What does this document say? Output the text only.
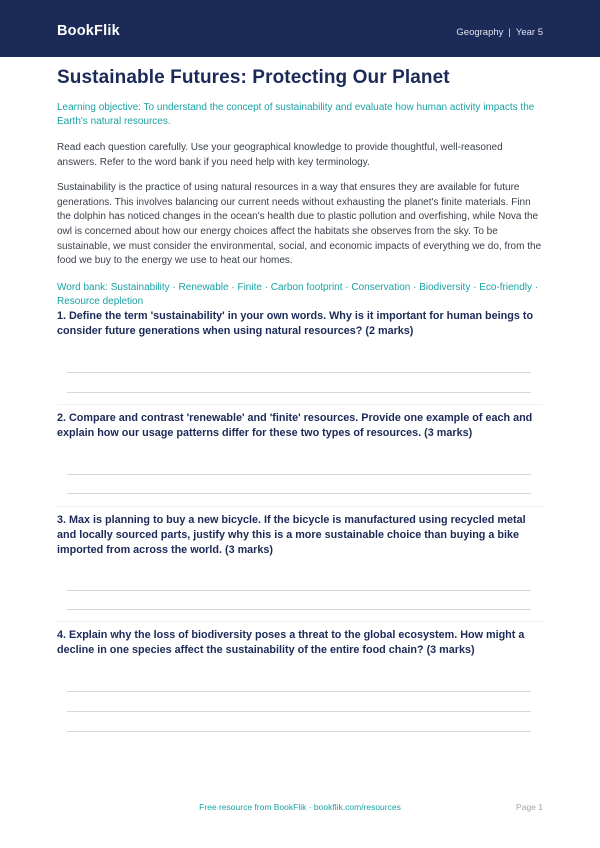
BookFlik	Geography | Year 5
Sustainable Futures: Protecting Our Planet
Learning objective: To understand the concept of sustainability and evaluate how human activity impacts the Earth's natural resources.
Read each question carefully. Use your geographical knowledge to provide thoughtful, well-reasoned answers. Refer to the word bank if you need help with key terminology.
Sustainability is the practice of using natural resources in a way that ensures they are available for future generations. This involves balancing our current needs without exhausting the planet's finite materials. Finn the dolphin has noticed changes in the ocean's health due to plastic pollution and overfishing, while Nova the owl is concerned about how our energy choices affect the habitats she observes from the sky. To be sustainable, we must consider the environmental, social, and economic impacts of everything we do, from the food we buy to the energy we use to heat our homes.
Word bank: Sustainability · Renewable · Finite · Carbon footprint · Conservation · Biodiversity · Eco-friendly · Resource depletion
1. Define the term 'sustainability' in your own words. Why is it important for human beings to consider future generations when using natural resources? (2 marks)
2. Compare and contrast 'renewable' and 'finite' resources. Provide one example of each and explain how our usage patterns differ for these two types of resources. (3 marks)
3. Max is planning to buy a new bicycle. If the bicycle is manufactured using recycled metal and locally sourced parts, justify why this is a more sustainable choice than buying a bike imported from across the world. (3 marks)
4. Explain why the loss of biodiversity poses a threat to the global ecosystem. How might a decline in one species affect the sustainability of the entire food chain? (3 marks)
Free resource from BookFlik · bookflik.com/resources	Page 1
